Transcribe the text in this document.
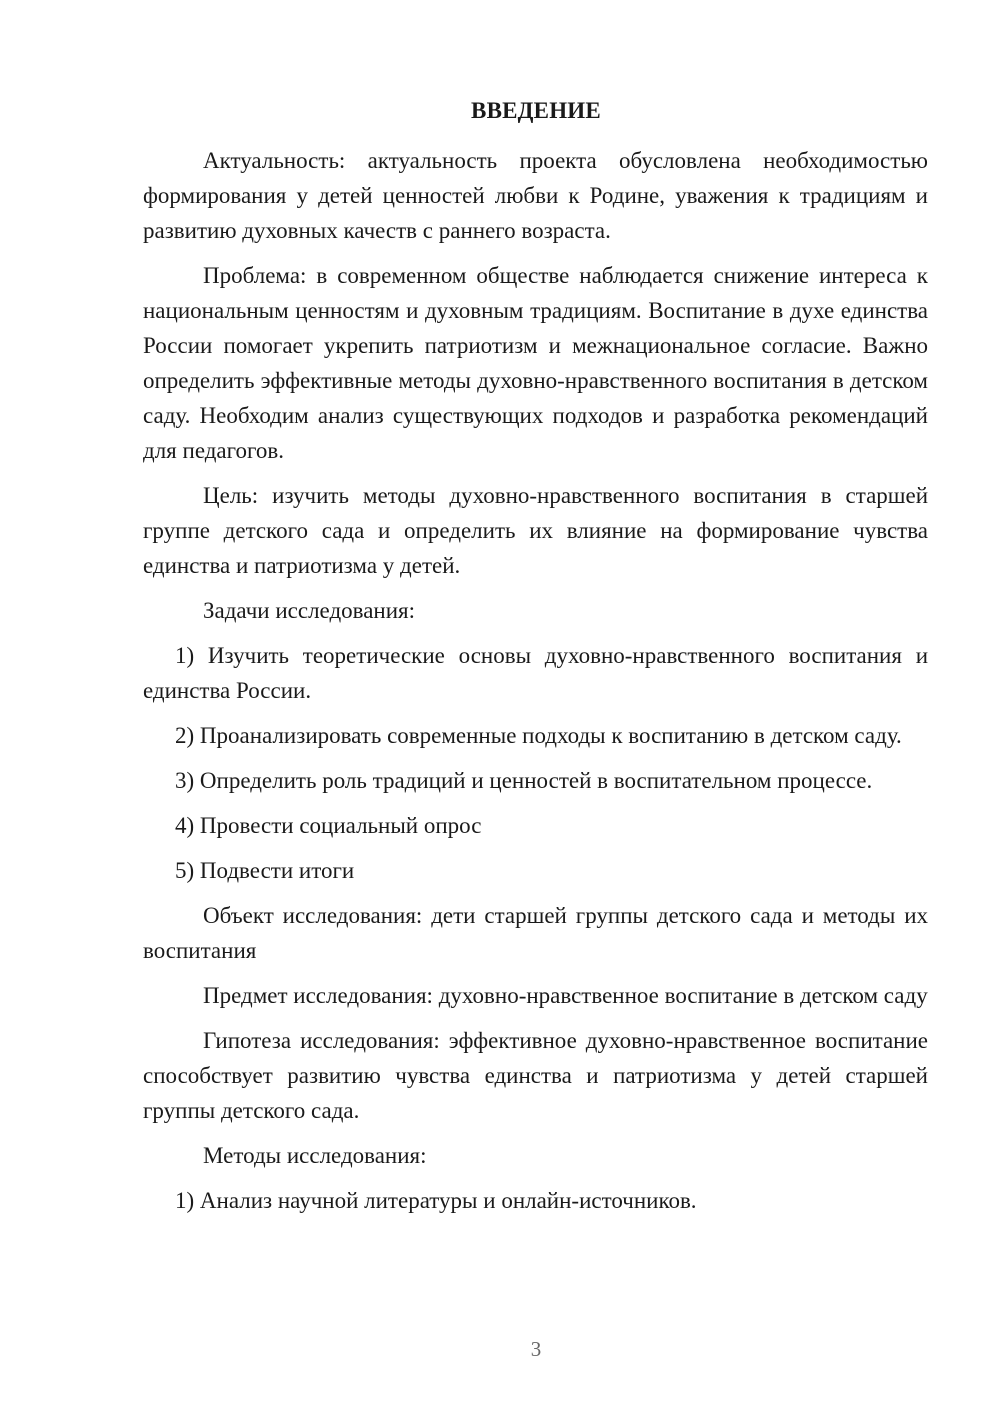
ВВЕДЕНИЕ

Актуальность: актуальность проекта обусловлена необходимостью формирования у детей ценностей любви к Родине, уважения к традициям и развитию духовных качеств с раннего возраста.

Проблема: в современном обществе наблюдается снижение интереса к национальным ценностям и духовным традициям. Воспитание в духе единства России помогает укрепить патриотизм и межнациональное согласие. Важно определить эффективные методы духовно-нравственного воспитания в детском саду. Необходим анализ существующих подходов и разработка рекомендаций для педагогов.

Цель: изучить методы духовно-нравственного воспитания в старшей группе детского сада и определить их влияние на формирование чувства единства и патриотизма у детей.

Задачи исследования:

1) Изучить теоретические основы духовно-нравственного воспитания и единства России.

2) Проанализировать современные подходы к воспитанию в детском саду.

3) Определить роль традиций и ценностей в воспитательном процессе.

4) Провести социальный опрос

5) Подвести итоги

Объект исследования: дети старшей группы детского сада и методы их воспитания

Предмет исследования: духовно-нравственное воспитание в детском саду

Гипотеза исследования: эффективное духовно-нравственное воспитание способствует развитию чувства единства и патриотизма у детей старшей группы детского сада.

Методы исследования:

1) Анализ научной литературы и онлайн-источников.

3
